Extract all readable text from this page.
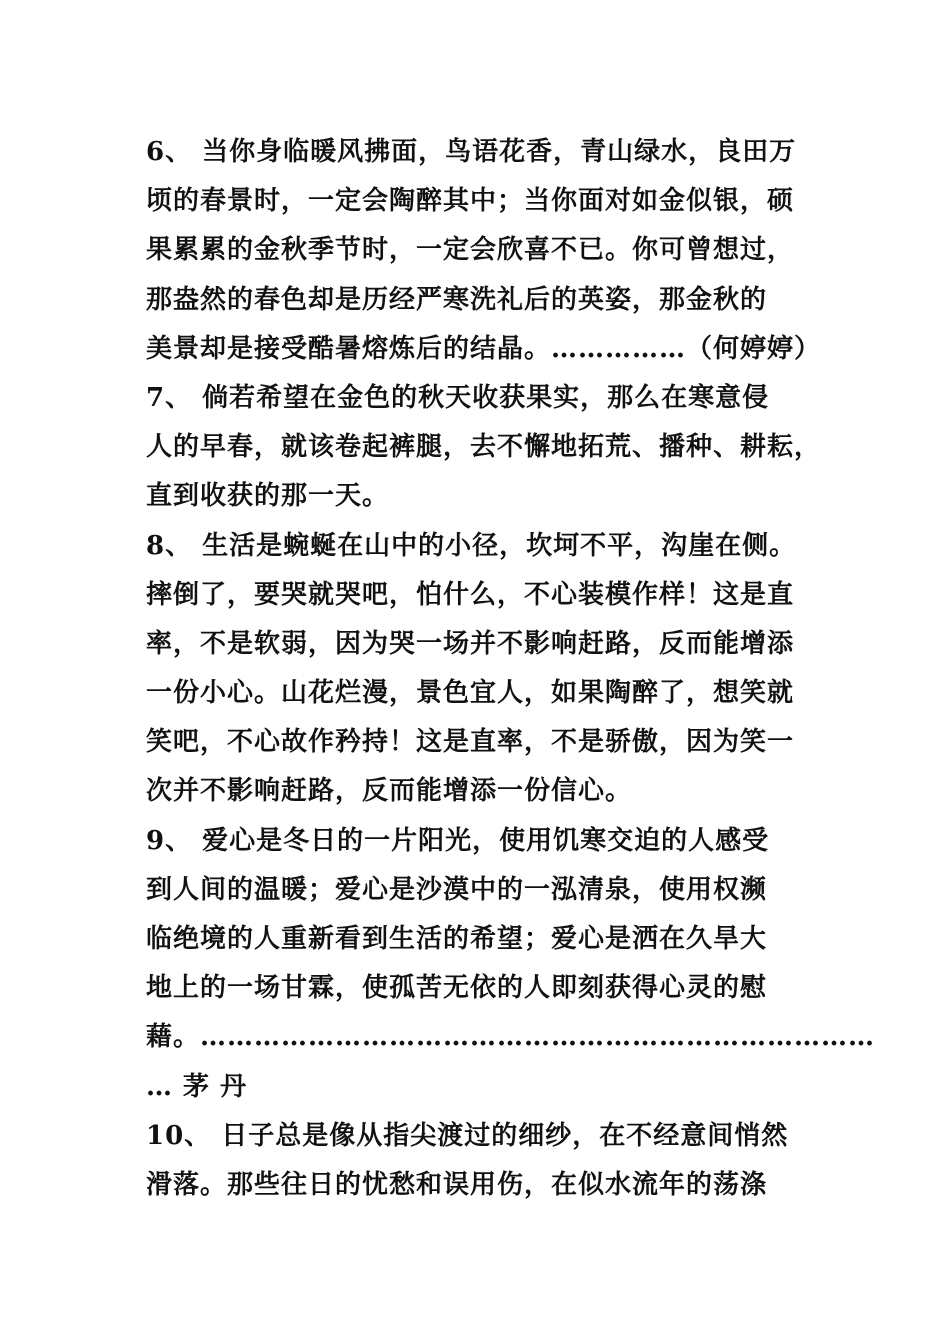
6、 当你身临暖风拂面，鸟语花香，青山绿水，良田万
顷的春景时，一定会陶醉其中；当你面对如金似银，硕
果累累的金秋季节时，一定会欣喜不已。你可曾想过，
那盎然的春色却是历经严寒洗礼后的英姿，那金秋的
美景却是接受酷暑熔炼后的结晶。……………（何婷婷）
7、 倘若希望在金色的秋天收获果实，那么在寒意侵
人的早春，就该卷起裤腿，去不懈地拓荒、播种、耕耘，
直到收获的那一天。
8、 生活是蜿蜒在山中的小径，坎坷不平，沟崖在侧。
摔倒了，要哭就哭吧，怕什么，不心装模作样！这是直
率，不是软弱，因为哭一场并不影响赶路，反而能增添
一份小心。山花烂漫，景色宜人，如果陶醉了，想笑就
笑吧，不心故作矜持！这是直率，不是骄傲，因为笑一
次并不影响赶路，反而能增添一份信心。
9、 爱心是冬日的一片阳光，使用饥寒交迫的人感受
到人间的温暖；爱心是沙漠中的一泓清泉，使用权濒
临绝境的人重新看到生活的希望；爱心是洒在久旱大
地上的一场甘霖，使孤苦无依的人即刻获得心灵的慰
藉。…………………………………………………………………
… 茅 丹
10、 日子总是像从指尖渡过的细纱，在不经意间悄然
滑落。那些往日的忧愁和误用伤，在似水流年的荡涤
